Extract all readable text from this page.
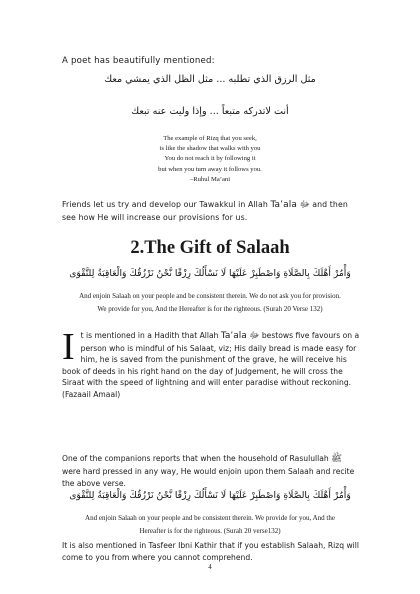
A poet has beautifully mentioned:
مثل الرزق الذي تطلبه ... مثل الظل الذي يمشي معك
أنت لاتدركه متبعاً ... وإذا وليت عنه تبعك
The example of Rizq that you seek,
is like the shadow that walks with you
You do not reach it by following it
but when you turn away it follows you.
–Ruhul Ma’ani
Friends let us try and develop our Tawakkul in Allah Ta’ala ﷻ and then see how He will increase our provisions for us.
2.The Gift of Salaah
وَأْمُرْ أَهْلَكَ بِالصَّلَاةِ وَاصْطَبِرْ عَلَيْهَا لَا نَسْأَلُكَ رِزْقًا نَّحْنُ نَرْزُقُكَ وَالْعَاقِبَةُ لِلتَّقْوَى
And enjoin Salaah on your people and be consistent therein. We do not ask you for provision.
We provide for you, And the Hereafter is for the righteous. (Surah 20 Verse 132)
It is mentioned in a Hadith that Allah Ta’ala ﷻ bestows five favours on a person who is mindful of his Salaat, viz; His daily bread is made easy for him, he is saved from the punishment of the grave, he will receive his book of deeds in his right hand on the day of Judgement, he will cross the Siraat with the speed of lightning and will enter paradise without reckoning. (Fazaail Amaal)
One of the companions reports that when the household of Rasulullah ﷺ were hard pressed in any way, He would enjoin upon them Salaah and recite the above verse.
وَأْمُرْ أَهْلَكَ بِالصَّلَاةِ وَاصْطَبِرْ عَلَيْهَا لَا نَسْأَلُكَ رِزْقًا نَّحْنُ نَرْزُقُكَ وَالْعَاقِبَةُ لِلتَّقْوَى
And enjoin Salaah on your people and be consistent therein. We provide for you, And the
Hereafter is for the righteous. (Surah 20 verse132)
It is also mentioned in Tasfeer Ibni Kathir that if you establish Salaah, Rizq will come to you from where you cannot comprehend.
4
